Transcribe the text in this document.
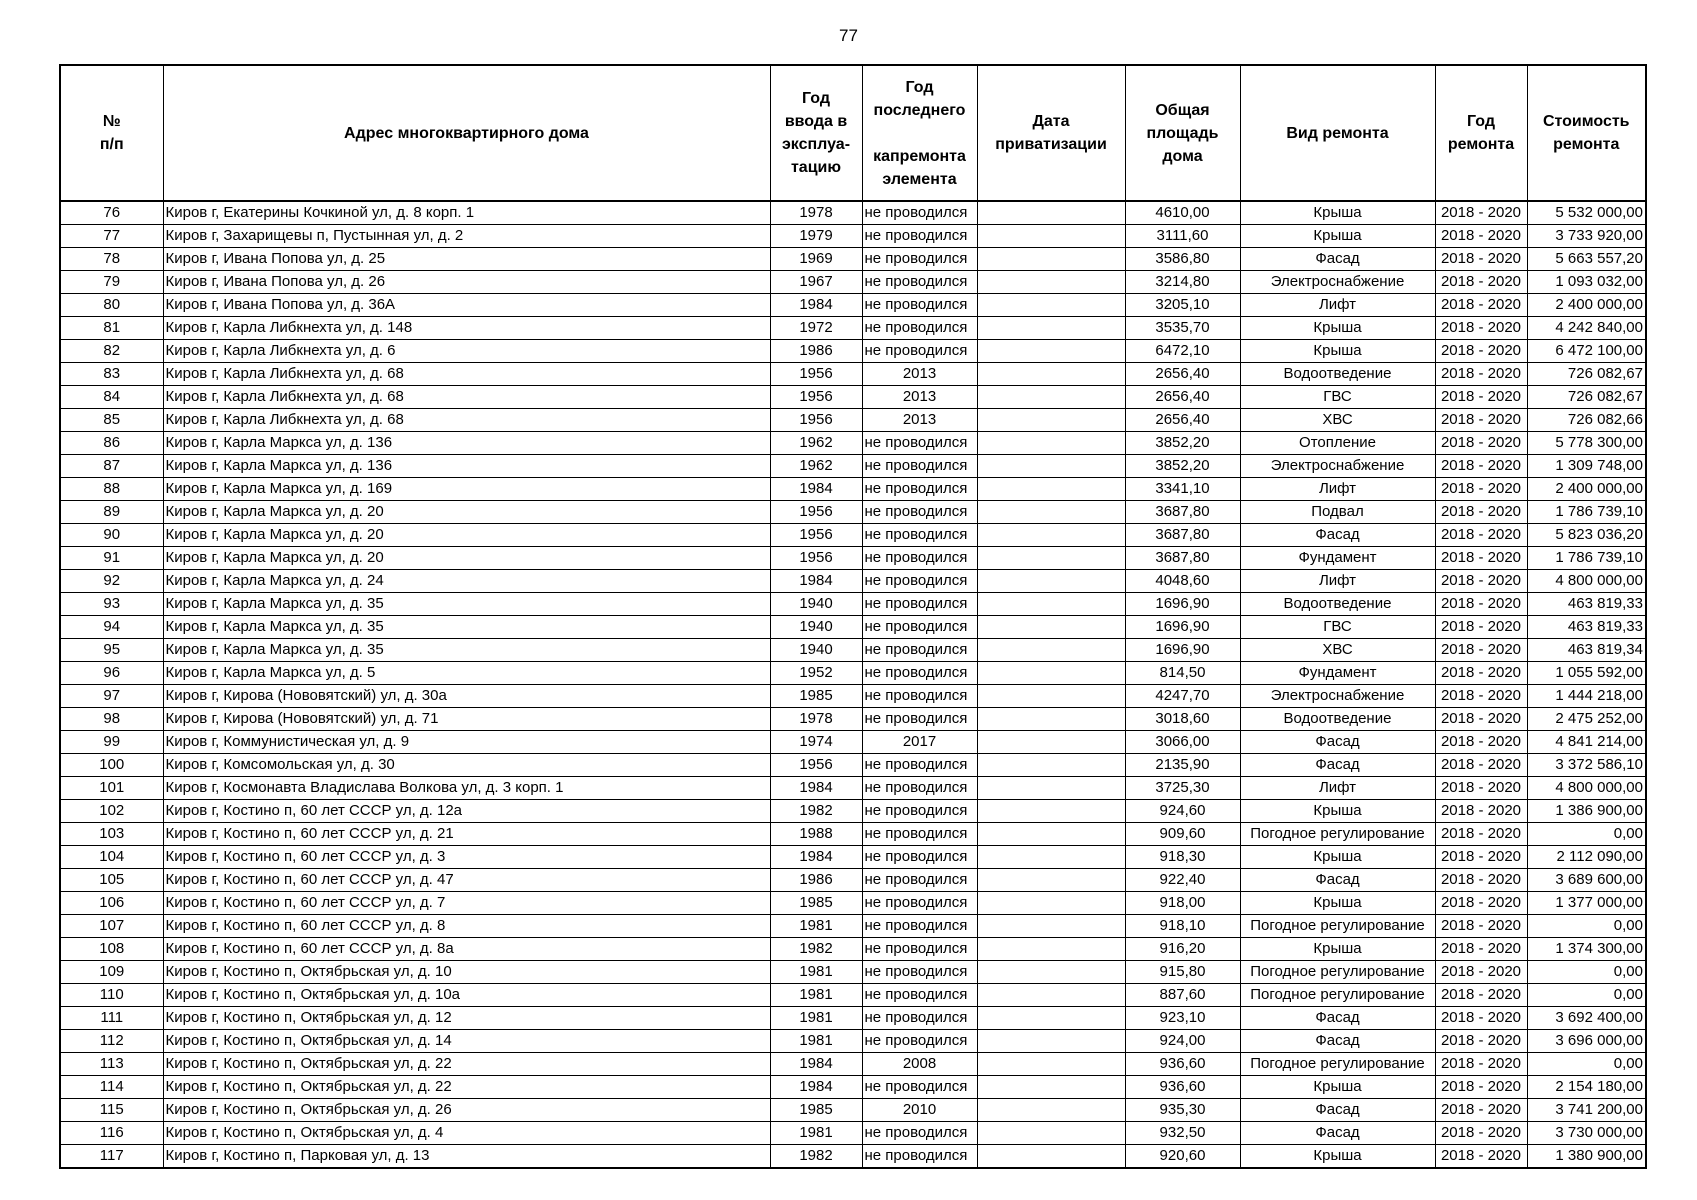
77
№
п/п	Адрес многоквартирного дома	Год
ввода в
эксплуа-
тацию	Год
последнего

капремонта
элемента	Дата
приватизации	Общая
площадь
дома	Вид ремонта	Год
ремонта	Стоимость
ремонта
76	Киров г, Екатерины Кочкиной ул, д. 8 корп. 1	1978	не проводился		4610,00	Крыша	2018 - 2020	5 532 000,00
77	Киров г, Захарищевы п, Пустынная ул, д. 2	1979	не проводился		3111,60	Крыша	2018 - 2020	3 733 920,00
78	Киров г, Ивана Попова ул, д. 25	1969	не проводился		3586,80	Фасад	2018 - 2020	5 663 557,20
79	Киров г, Ивана Попова ул, д. 26	1967	не проводился		3214,80	Электроснабжение	2018 - 2020	1 093 032,00
80	Киров г, Ивана Попова ул, д. 36А	1984	не проводился		3205,10	Лифт	2018 - 2020	2 400 000,00
81	Киров г, Карла Либкнехта ул, д. 148	1972	не проводился		3535,70	Крыша	2018 - 2020	4 242 840,00
82	Киров г, Карла Либкнехта ул, д. 6	1986	не проводился		6472,10	Крыша	2018 - 2020	6 472 100,00
83	Киров г, Карла Либкнехта ул, д. 68	1956	2013		2656,40	Водоотведение	2018 - 2020	726 082,67
84	Киров г, Карла Либкнехта ул, д. 68	1956	2013		2656,40	ГВС	2018 - 2020	726 082,67
85	Киров г, Карла Либкнехта ул, д. 68	1956	2013		2656,40	ХВС	2018 - 2020	726 082,66
86	Киров г, Карла Маркса ул, д. 136	1962	не проводился		3852,20	Отопление	2018 - 2020	5 778 300,00
87	Киров г, Карла Маркса ул, д. 136	1962	не проводился		3852,20	Электроснабжение	2018 - 2020	1 309 748,00
88	Киров г, Карла Маркса ул, д. 169	1984	не проводился		3341,10	Лифт	2018 - 2020	2 400 000,00
89	Киров г, Карла Маркса ул, д. 20	1956	не проводился		3687,80	Подвал	2018 - 2020	1 786 739,10
90	Киров г, Карла Маркса ул, д. 20	1956	не проводился		3687,80	Фасад	2018 - 2020	5 823 036,20
91	Киров г, Карла Маркса ул, д. 20	1956	не проводился		3687,80	Фундамент	2018 - 2020	1 786 739,10
92	Киров г, Карла Маркса ул, д. 24	1984	не проводился		4048,60	Лифт	2018 - 2020	4 800 000,00
93	Киров г, Карла Маркса ул, д. 35	1940	не проводился		1696,90	Водоотведение	2018 - 2020	463 819,33
94	Киров г, Карла Маркса ул, д. 35	1940	не проводился		1696,90	ГВС	2018 - 2020	463 819,33
95	Киров г, Карла Маркса ул, д. 35	1940	не проводился		1696,90	ХВС	2018 - 2020	463 819,34
96	Киров г, Карла Маркса ул, д. 5	1952	не проводился		814,50	Фундамент	2018 - 2020	1 055 592,00
97	Киров г, Кирова (Нововятский) ул, д. 30а	1985	не проводился		4247,70	Электроснабжение	2018 - 2020	1 444 218,00
98	Киров г, Кирова (Нововятский) ул, д. 71	1978	не проводился		3018,60	Водоотведение	2018 - 2020	2 475 252,00
99	Киров г, Коммунистическая ул, д. 9	1974	2017		3066,00	Фасад	2018 - 2020	4 841 214,00
100	Киров г, Комсомольская ул, д. 30	1956	не проводился		2135,90	Фасад	2018 - 2020	3 372 586,10
101	Киров г, Космонавта Владислава Волкова ул, д. 3 корп. 1	1984	не проводился		3725,30	Лифт	2018 - 2020	4 800 000,00
102	Киров г, Костино п, 60 лет СССР ул, д. 12а	1982	не проводился		924,60	Крыша	2018 - 2020	1 386 900,00
103	Киров г, Костино п, 60 лет СССР ул, д. 21	1988	не проводился		909,60	Погодное регулирование	2018 - 2020	0,00
104	Киров г, Костино п, 60 лет СССР ул, д. 3	1984	не проводился		918,30	Крыша	2018 - 2020	2 112 090,00
105	Киров г, Костино п, 60 лет СССР ул, д. 47	1986	не проводился		922,40	Фасад	2018 - 2020	3 689 600,00
106	Киров г, Костино п, 60 лет СССР ул, д. 7	1985	не проводился		918,00	Крыша	2018 - 2020	1 377 000,00
107	Киров г, Костино п, 60 лет СССР ул, д. 8	1981	не проводился		918,10	Погодное регулирование	2018 - 2020	0,00
108	Киров г, Костино п, 60 лет СССР ул, д. 8а	1982	не проводился		916,20	Крыша	2018 - 2020	1 374 300,00
109	Киров г, Костино п, Октябрьская ул, д. 10	1981	не проводился		915,80	Погодное регулирование	2018 - 2020	0,00
110	Киров г, Костино п, Октябрьская ул, д. 10а	1981	не проводился		887,60	Погодное регулирование	2018 - 2020	0,00
111	Киров г, Костино п, Октябрьская ул, д. 12	1981	не проводился		923,10	Фасад	2018 - 2020	3 692 400,00
112	Киров г, Костино п, Октябрьская ул, д. 14	1981	не проводился		924,00	Фасад	2018 - 2020	3 696 000,00
113	Киров г, Костино п, Октябрьская ул, д. 22	1984	2008		936,60	Погодное регулирование	2018 - 2020	0,00
114	Киров г, Костино п, Октябрьская ул, д. 22	1984	не проводился		936,60	Крыша	2018 - 2020	2 154 180,00
115	Киров г, Костино п, Октябрьская ул, д. 26	1985	2010		935,30	Фасад	2018 - 2020	3 741 200,00
116	Киров г, Костино п, Октябрьская ул, д. 4	1981	не проводился		932,50	Фасад	2018 - 2020	3 730 000,00
117	Киров г, Костино п, Парковая ул, д. 13	1982	не проводился		920,60	Крыша	2018 - 2020	1 380 900,00
